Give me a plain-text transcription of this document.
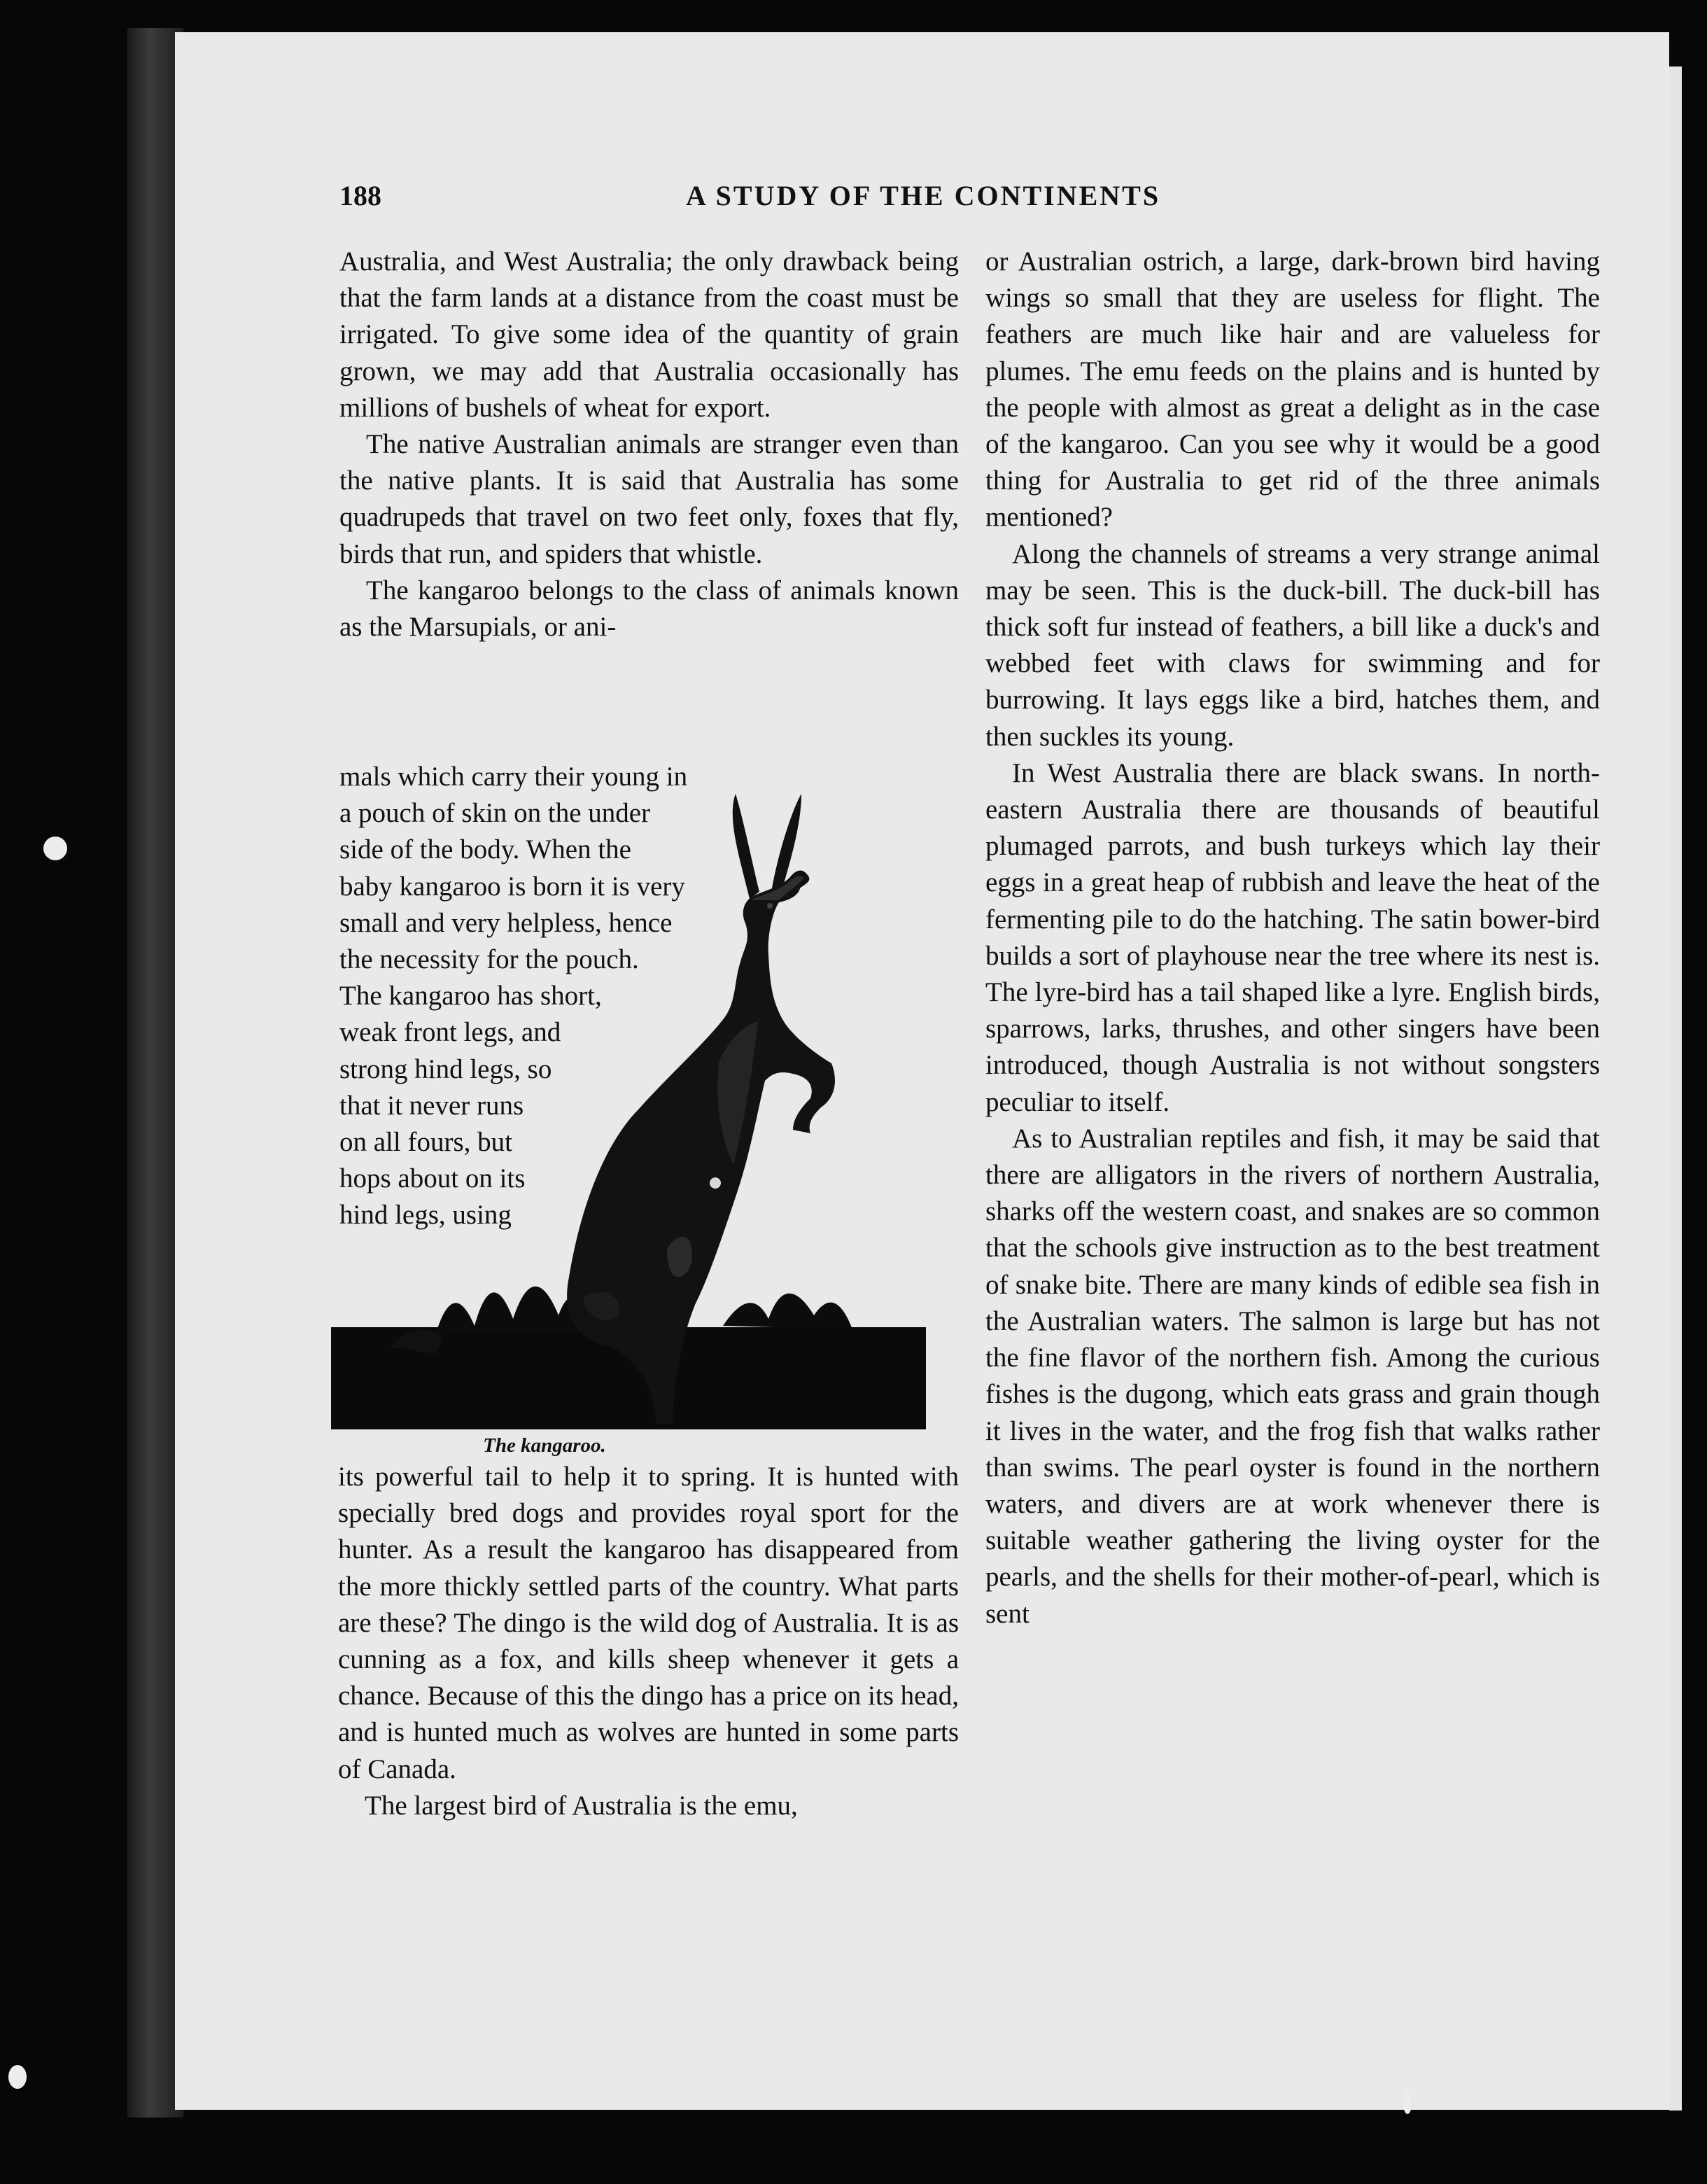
188	A STUDY OF THE CONTINENTS

Australia, and West Australia; the only drawback being that the farm lands at a distance from the coast must be irrigated. To give some idea of the quantity of grain grown, we may add that Australia occasionally has millions of bushels of wheat for export.

The native Australian animals are stranger even than the native plants. It is said that Australia has some quadrupeds that travel on two feet only, foxes that fly, birds that run, and spiders that whistle.

The kangaroo belongs to the class of animals known as the Marsupials, or ani-

mals which carry their young in
a pouch of skin on the under
side of the body. When the
baby kangaroo is born it is very
small and very helpless, hence
the necessity for the pouch.
The kangaroo has short,
weak front legs, and
strong hind legs, so
that it never runs
on all fours, but
hops about on its
hind legs, using
The kangaroo.

its powerful tail to help it to spring. It is hunted with specially bred dogs and provides royal sport for the hunter. As a result the kangaroo has disappeared from the more thickly settled parts of the country. What parts are these? The dingo is the wild dog of Australia. It is as cunning as a fox, and kills sheep whenever it gets a chance. Because of this the dingo has a price on its head, and is hunted much as wolves are hunted in some parts of Canada.

The largest bird of Australia is the emu,

or Australian ostrich, a large, dark-brown bird having wings so small that they are useless for flight. The feathers are much like hair and are valueless for plumes. The emu feeds on the plains and is hunted by the people with almost as great a delight as in the case of the kangaroo. Can you see why it would be a good thing for Australia to get rid of the three animals mentioned?

Along the channels of streams a very strange animal may be seen. This is the duck-bill. The duck-bill has thick soft fur instead of feathers, a bill like a duck's and webbed feet with claws for swimming and for burrowing. It lays eggs like a bird, hatches them, and then suckles its young.

In West Australia there are black swans. In north-eastern Australia there are thousands of beautiful plumaged parrots, and bush turkeys which lay their eggs in a great heap of rubbish and leave the heat of the fermenting pile to do the hatching. The satin bower-bird builds a sort of playhouse near the tree where its nest is. The lyre-bird has a tail shaped like a lyre. English birds, sparrows, larks, thrushes, and other singers have been introduced, though Australia is not without songsters peculiar to itself.

As to Australian reptiles and fish, it may be said that there are alligators in the rivers of northern Australia, sharks off the western coast, and snakes are so common that the schools give instruction as to the best treatment of snake bite. There are many kinds of edible sea fish in the Australian waters. The salmon is large but has not the fine flavor of the northern fish. Among the curious fishes is the dugong, which eats grass and grain though it lives in the water, and the frog fish that walks rather than swims. The pearl oyster is found in the northern waters, and divers are at work whenever there is suitable weather gathering the living oyster for the pearls, and the shells for their mother-of-pearl, which is sent
